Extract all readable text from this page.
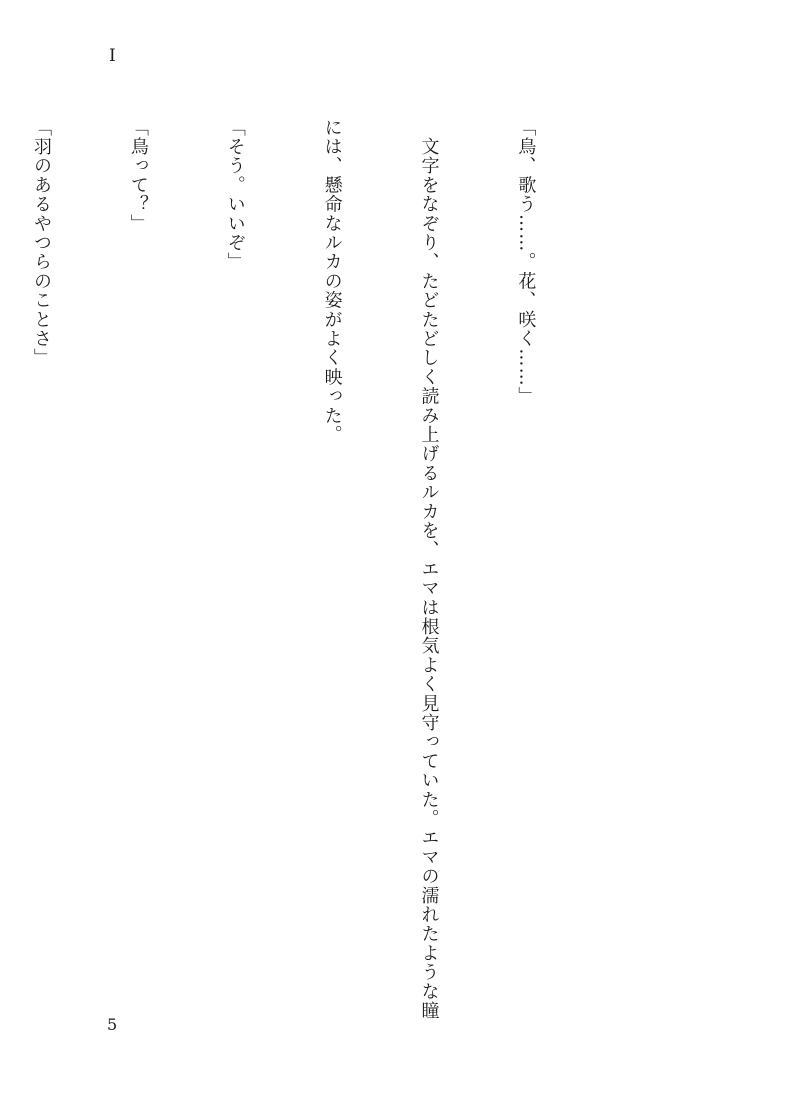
I

「鳥、歌う……。花、咲く……」

　文字をなぞり、たどたどしく読み上げるルカを、エマは根気よく見守っていた。エマの濡れたような瞳

には、懸命なルカの姿がよく映った。

「そう。いいぞ」

「鳥って？」

「羽のあるやつらのことさ」

5
